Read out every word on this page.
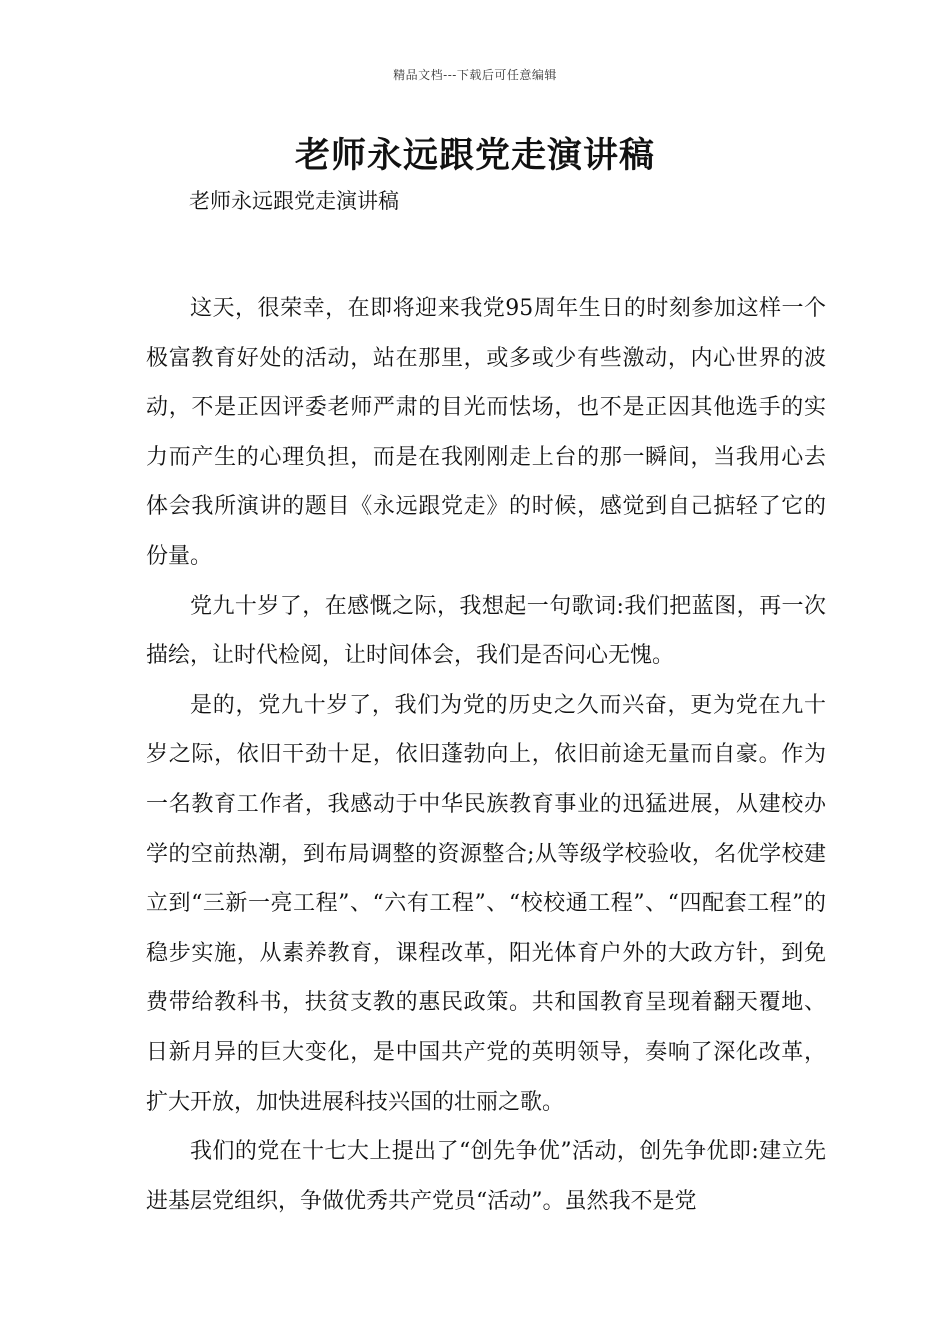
精品文档---下载后可任意编辑
老师永远跟党走演讲稿

老师永远跟党走演讲稿

这天，很荣幸，在即将迎来我党95周年生日的时刻参加这样一个极富教育好处的活动，站在那里，或多或少有些激动，内心世界的波动，不是正因评委老师严肃的目光而怯场，也不是正因其他选手的实力而产生的心理负担，而是在我刚刚走上台的那一瞬间，当我用心去体会我所演讲的题目《永远跟党走》的时候，感觉到自己掂轻了它的份量。

党九十岁了，在感慨之际，我想起一句歌词:我们把蓝图，再一次描绘，让时代检阅，让时间体会，我们是否问心无愧。

是的，党九十岁了，我们为党的历史之久而兴奋，更为党在九十岁之际，依旧干劲十足，依旧蓬勃向上，依旧前途无量而自豪。作为一名教育工作者，我感动于中华民族教育事业的迅猛进展，从建校办学的空前热潮，到布局调整的资源整合;从等级学校验收，名优学校建立到“三新一亮工程”、“六有工程”、“校校通工程”、“四配套工程”的稳步实施，从素养教育，课程改革，阳光体育户外的大政方针，到免费带给教科书，扶贫支教的惠民政策。共和国教育呈现着翻天覆地、日新月异的巨大变化，是中国共产党的英明领导，奏响了深化改革，扩大开放，加快进展科技兴国的壮丽之歌。

我们的党在十七大上提出了“创先争优”活动，创先争优即:建立先进基层党组织，争做优秀共产党员“活动”。虽然我不是党
